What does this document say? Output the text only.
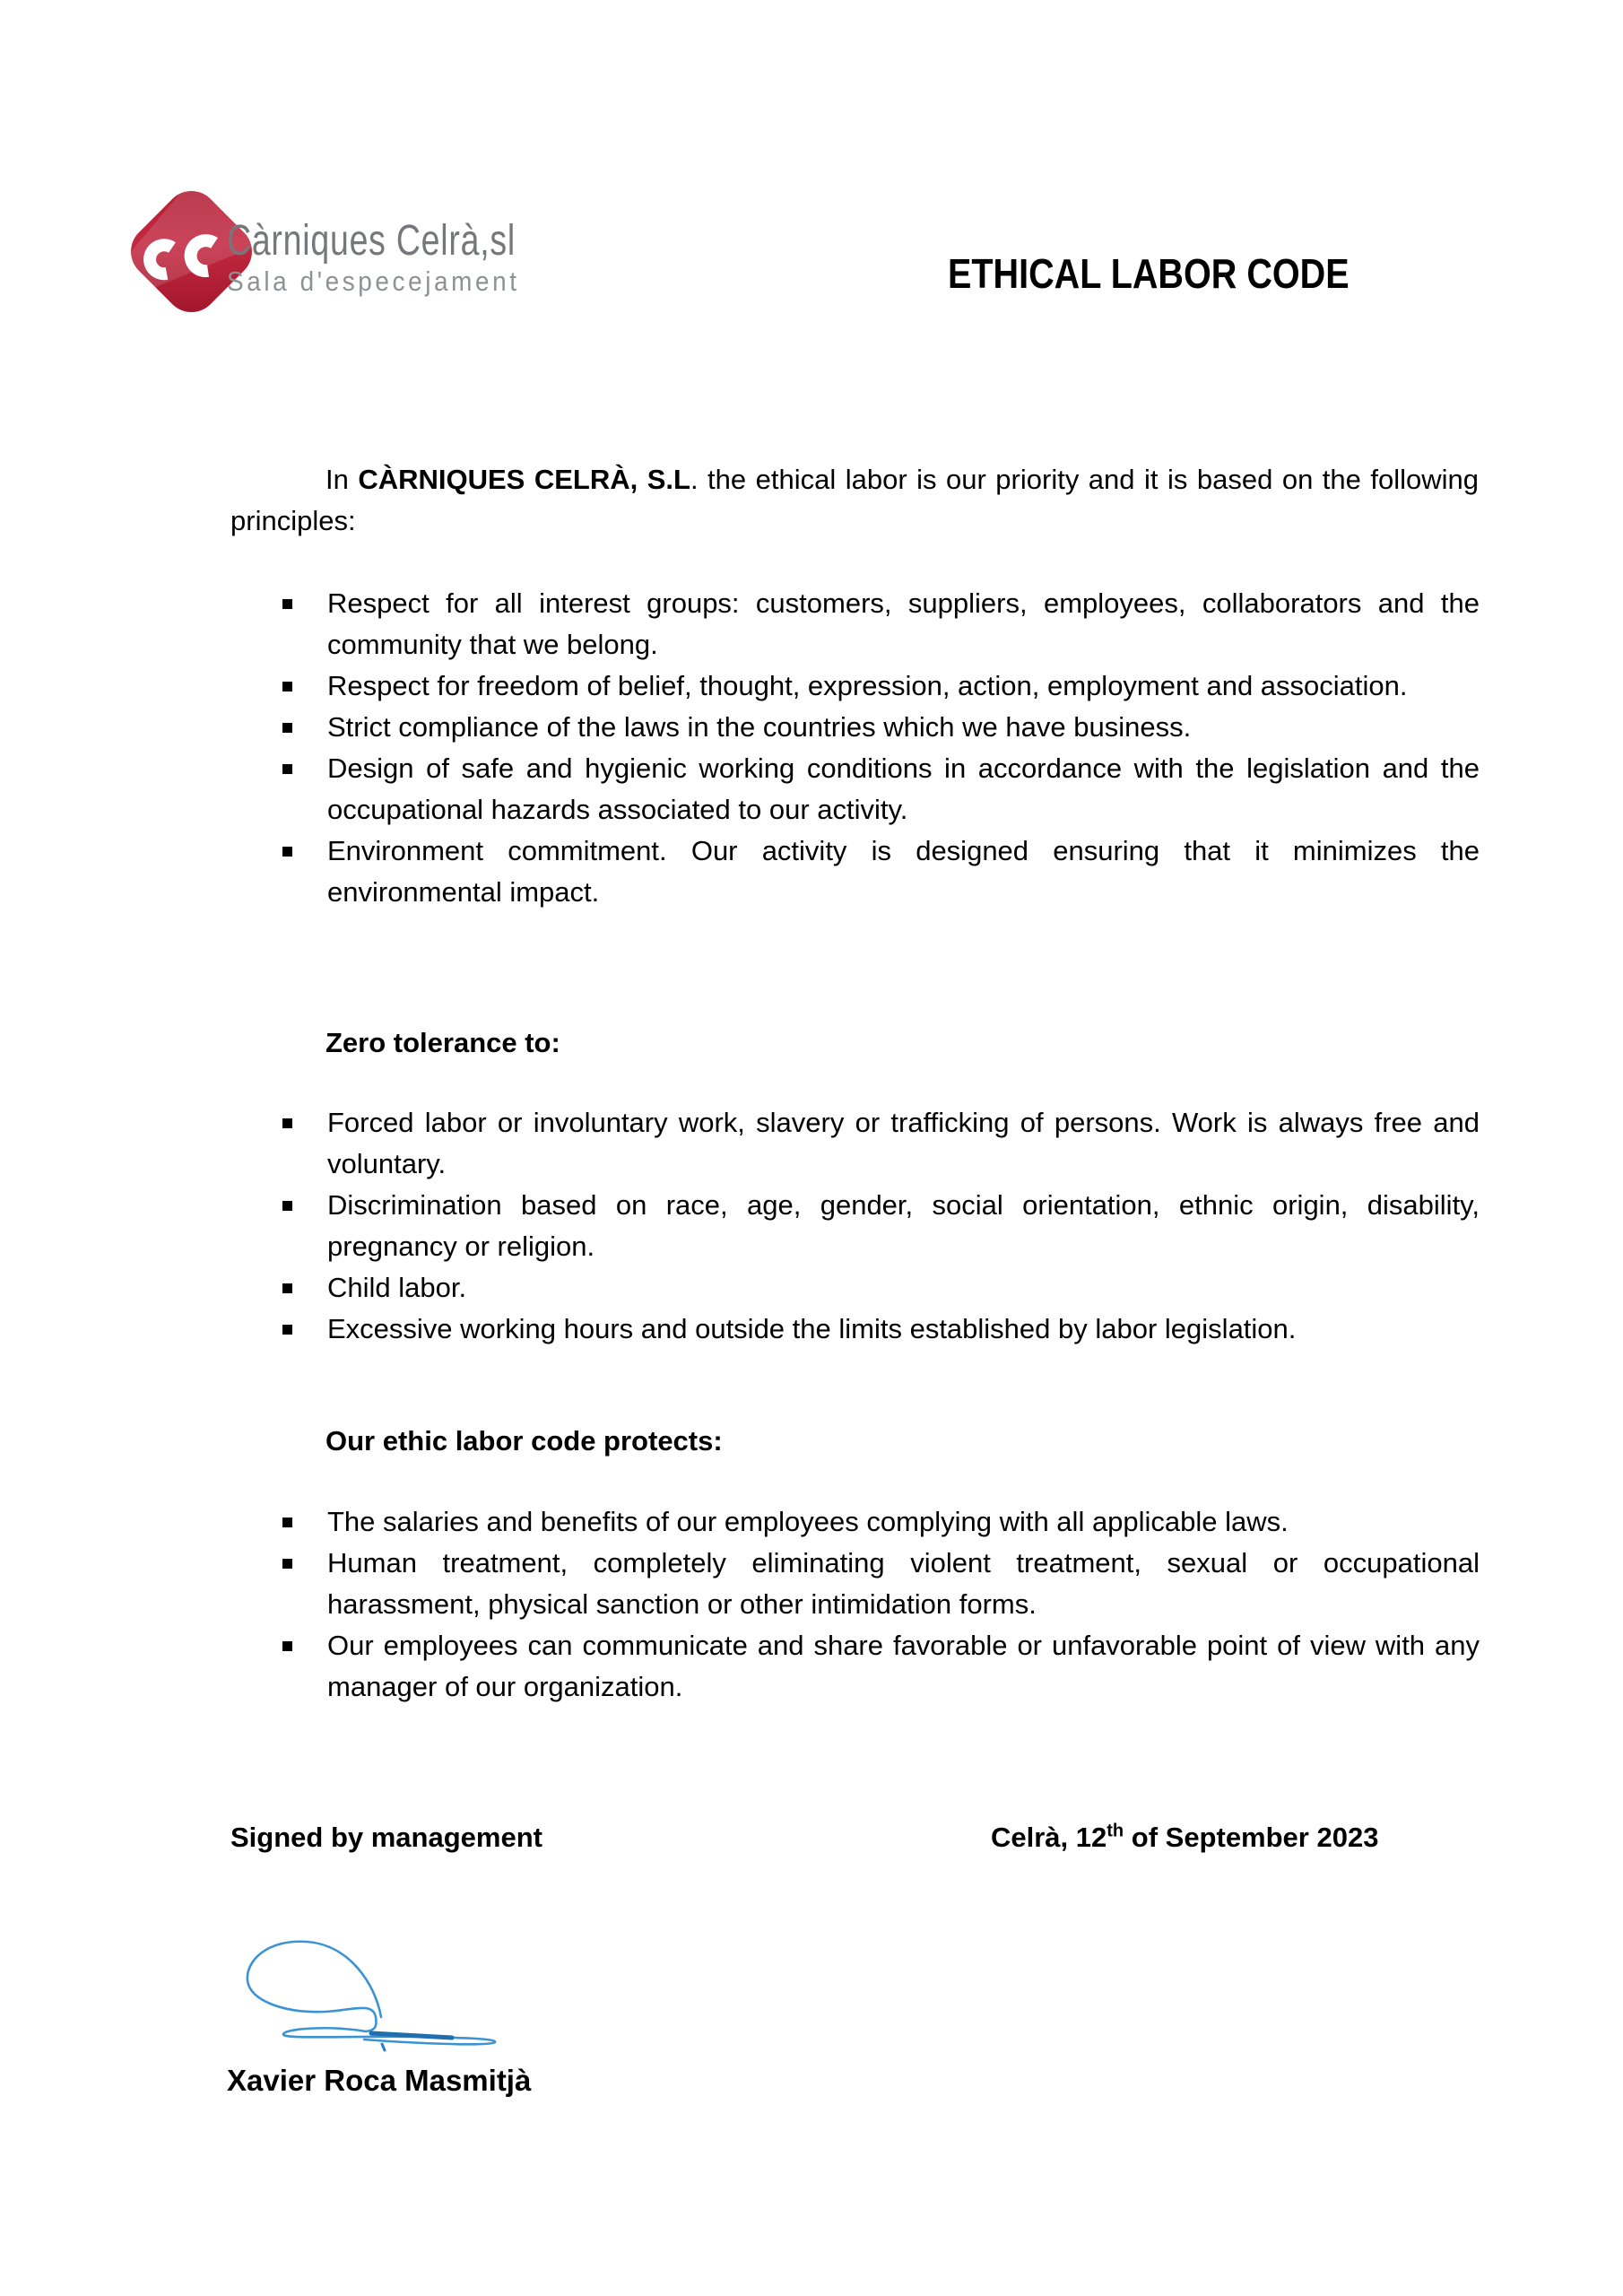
Càrniques Celrà,sl
Sala d'especejament	ETHICAL LABOR CODE

In CÀRNIQUES CELRÀ, S.L. the ethical labor is our priority and it is based on the following principles:

Respect for all interest groups: customers, suppliers, employees, collaborators and the community that we belong.
Respect for freedom of belief, thought, expression, action, employment and association.
Strict compliance of the laws in the countries which we have business.
Design of safe and hygienic working conditions in accordance with the legislation and the occupational hazards associated to our activity.
Environment commitment. Our activity is designed ensuring that it minimizes the environmental impact.
Zero tolerance to:
Forced labor or involuntary work, slavery or trafficking of persons. Work is always free and voluntary.
Discrimination based on race, age, gender, social orientation, ethnic origin, disability, pregnancy or religion.
Child labor.
Excessive working hours and outside the limits established by labor legislation.
Our ethic labor code protects:
The salaries and benefits of our employees complying with all applicable laws.
Human treatment, completely eliminating violent treatment, sexual or occupational harassment, physical sanction or other intimidation forms.
Our employees can communicate and share favorable or unfavorable point of view with any manager of our organization.
Signed by management	Celrà, 12th of September 2023
Xavier Roca Masmitjà
